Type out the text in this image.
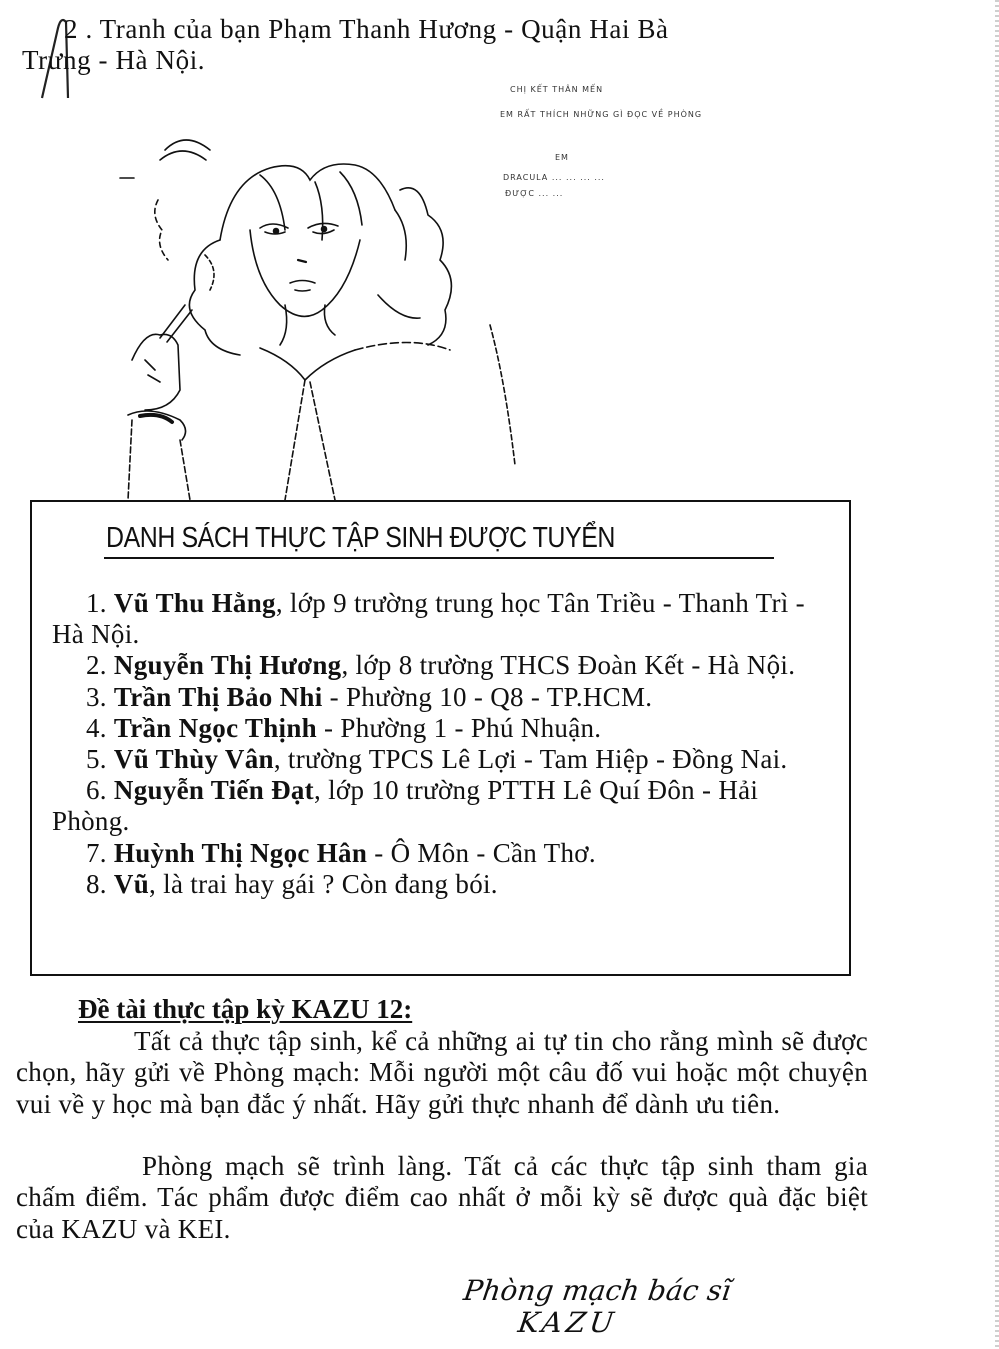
2 . Tranh của bạn Phạm Thanh Hương - Quận Hai Bà
Trưng - Hà Nội.
CHỊ KẾT THÂN MẾN
EM RẤT THÍCH NHỮNG GÌ ĐỌC VỀ PHÒNG
EM
DRACULA ... ... ... ...
ĐƯỢC ... ...
DANH SÁCH THỰC TẬP SINH ĐƯỢC TUYỂN
1. Vũ Thu Hằng, lớp 9 trường trung học Tân Triều - Thanh Trì - Hà Nội.
2. Nguyễn Thị Hương, lớp 8 trường THCS Đoàn Kết - Hà Nội.
3. Trần Thị Bảo Nhi - Phường 10 - Q8 - TP.HCM.
4. Trần Ngọc Thịnh - Phường 1 - Phú Nhuận.
5. Vũ Thùy Vân, trường TPCS Lê Lợi - Tam Hiệp - Đồng Nai.
6. Nguyễn Tiến Đạt, lớp 10 trường PTTH Lê Quí Đôn - Hải Phòng.
7. Huỳnh Thị Ngọc Hân - Ô Môn - Cần Thơ.
8. Vũ, là trai hay gái ? Còn đang bói.
Đề tài thực tập kỳ KAZU 12:
Tất cả thực tập sinh, kể cả những ai tự tin cho rằng mình sẽ được chọn, hãy gửi về Phòng mạch: Mỗi người một câu đố vui hoặc một chuyện vui về y học mà bạn đắc ý nhất. Hãy gửi thực nhanh để dành ưu tiên.
Phòng mạch sẽ trình làng. Tất cả các thực tập sinh tham gia chấm điểm. Tác phẩm được điểm cao nhất ở mỗi kỳ sẽ được quà đặc biệt của KAZU và KEI.
Phòng mạch bác sĩ
KAZU
